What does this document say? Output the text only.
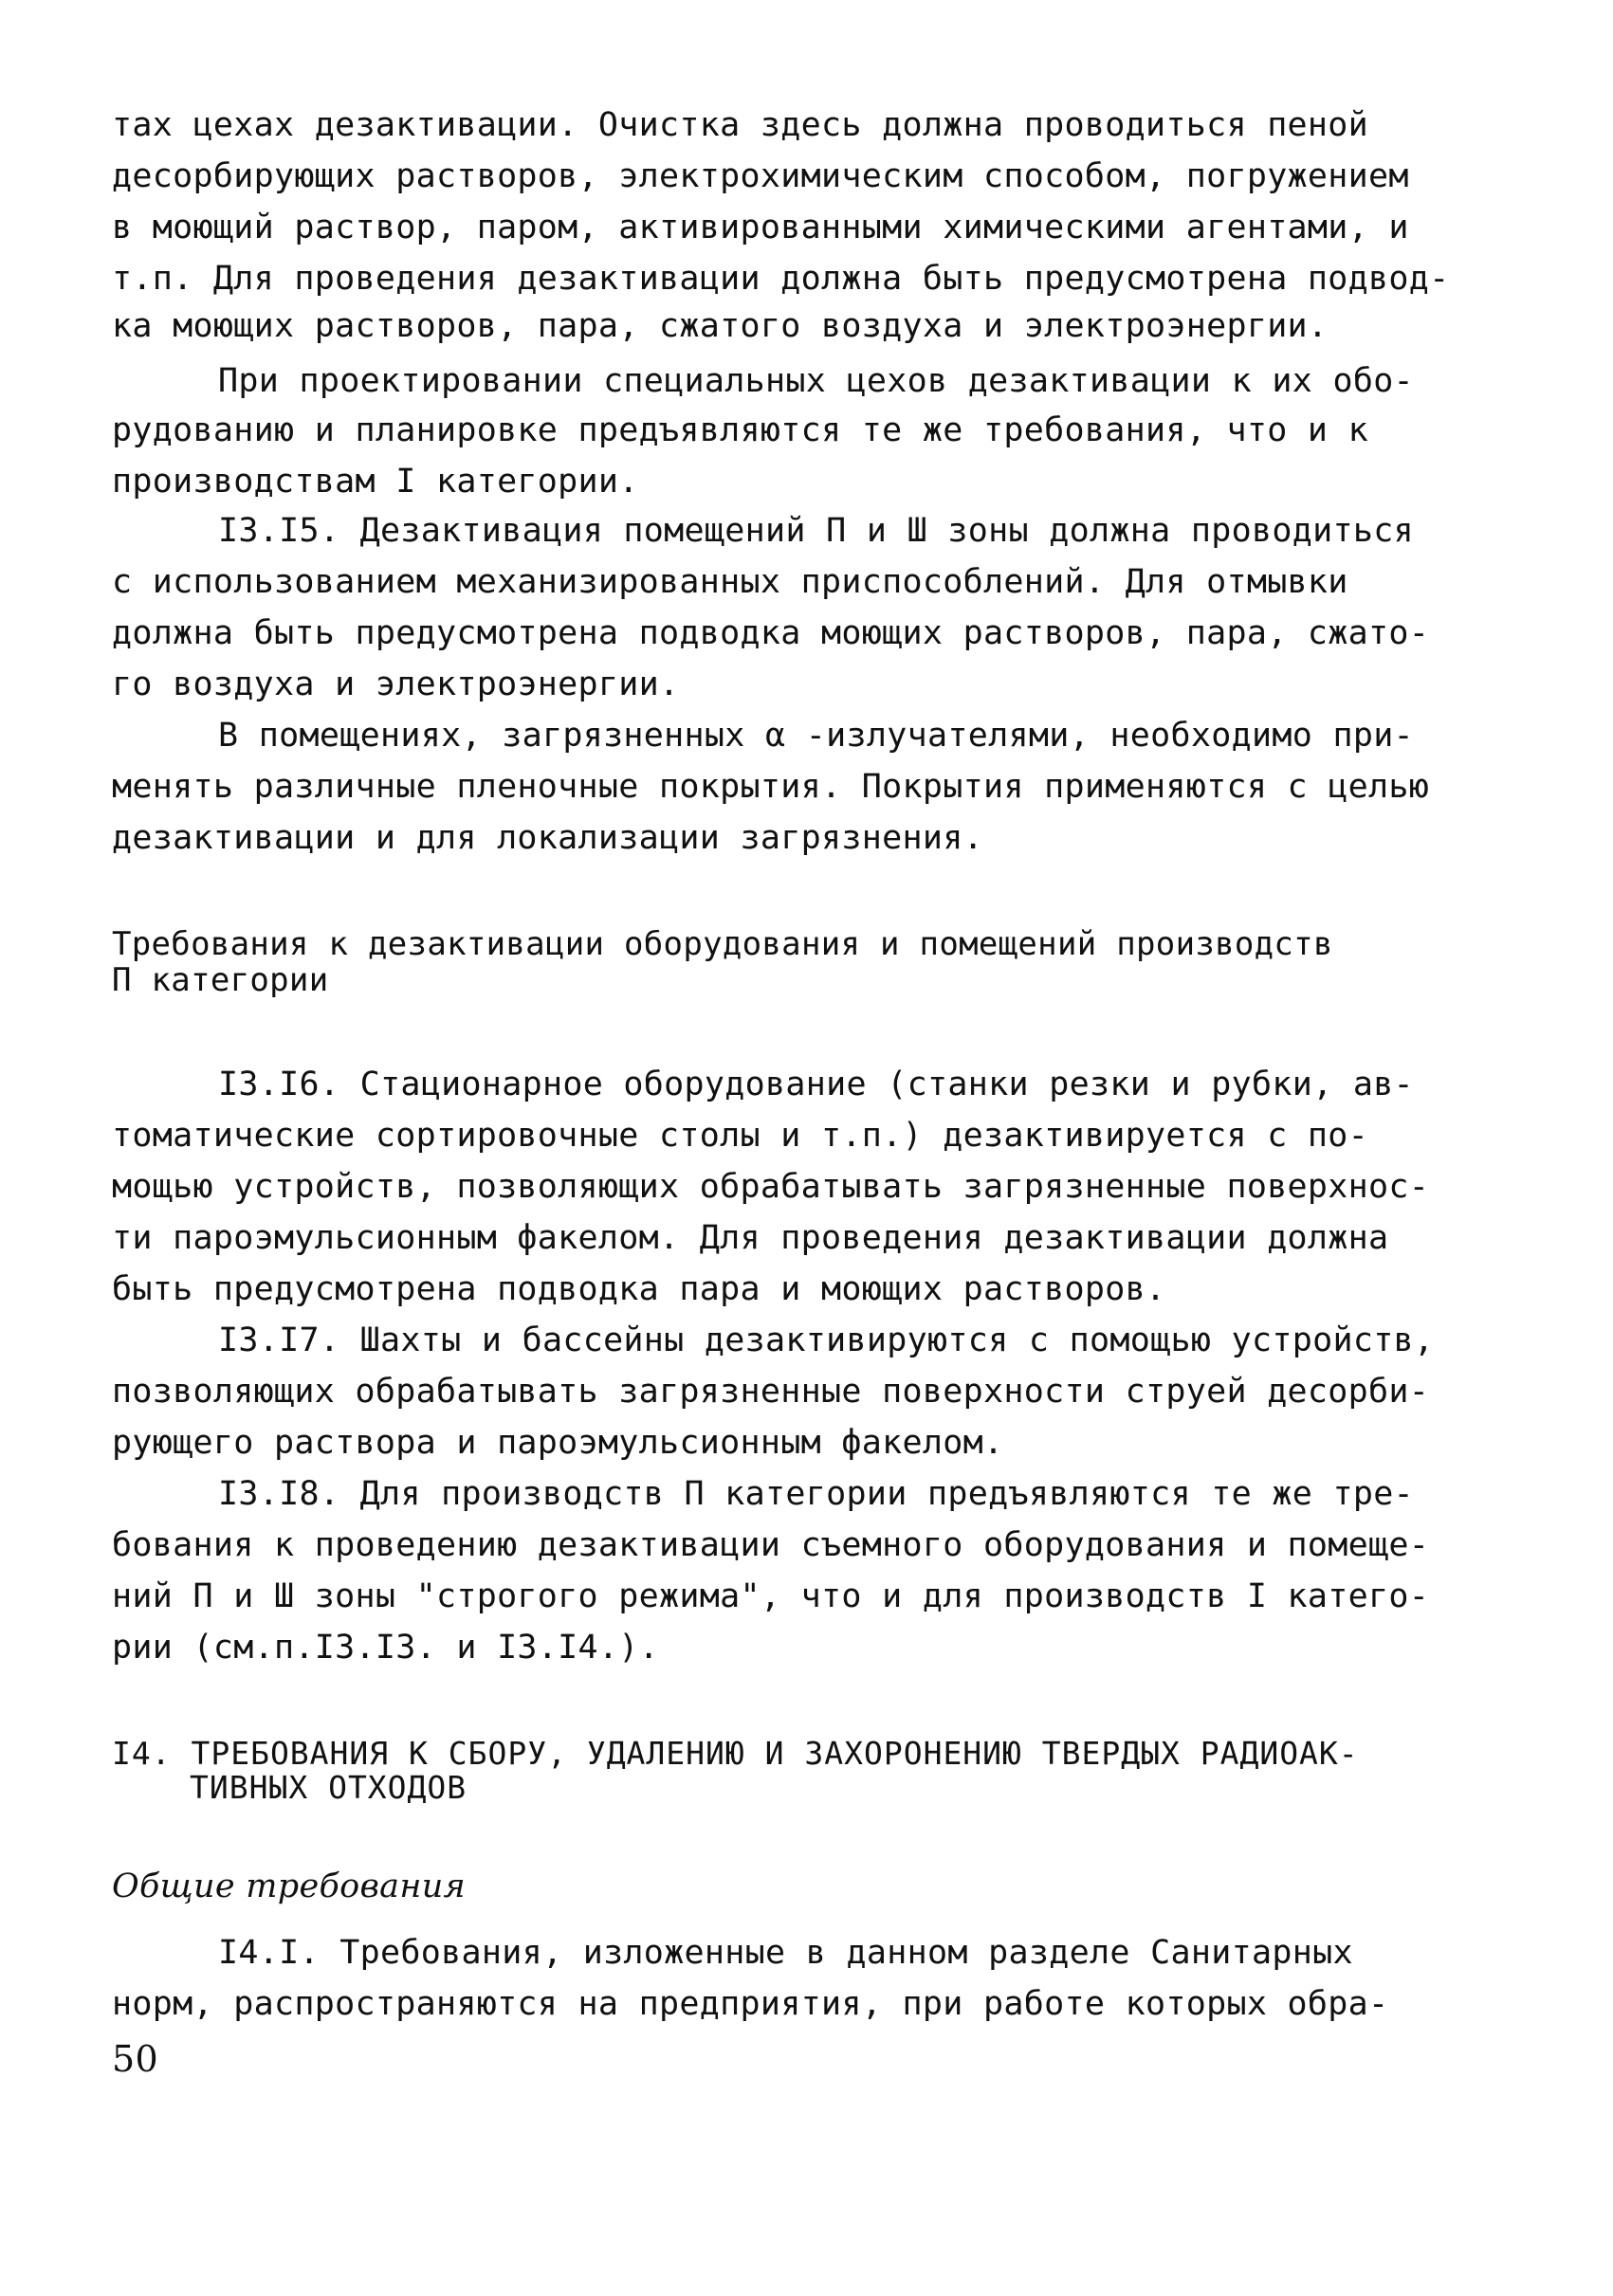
тах цехах дезактивации. Очистка здесь должна проводиться пеной
десорбирующих растворов, электрохимическим способом, погружением
в моющий раствор, паром, активированными химическими агентами, и
т.п. Для проведения дезактивации должна быть предусмотрена подвод-
ка моющих растворов, пара, сжатого воздуха и электроэнергии.
При проектировании специальных цехов дезактивации к их обо-
рудованию и планировке предъявляются те же требования, что и к
производствам I категории.
I3.I5. Дезактивация помещений П и Ш зоны должна проводиться
с использованием механизированных приспособлений. Для отмывки
должна быть предусмотрена подводка моющих растворов, пара, сжато-
го воздуха и электроэнергии.
В помещениях, загрязненных α -излучателями, необходимо при-
менять различные пленочные покрытия. Покрытия применяются с целью
дезактивации и для локализации загрязнения.
Требования к дезактивации оборудования и помещений производств
П категории
I3.I6. Стационарное оборудование (станки резки и рубки, ав-
томатические сортировочные столы и т.п.) дезактивируется с по-
мощью устройств, позволяющих обрабатывать загрязненные поверхнос-
ти пароэмульсионным факелом. Для проведения дезактивации должна
быть предусмотрена подводка пара и моющих растворов.
I3.I7. Шахты и бассейны дезактивируются с помощью устройств,
позволяющих обрабатывать загрязненные поверхности струей десорби-
рующего раствора и пароэмульсионным факелом.
I3.I8. Для производств П категории предъявляются те же тре-
бования к проведению дезактивации съемного оборудования и помеще-
ний П и Ш зоны "строгого режима", что и для производств I катего-
рии (см.п.I3.I3. и I3.I4.).
I4. ТРЕБОВАНИЯ К СБОРУ, УДАЛЕНИЮ И ЗАХОРОНЕНИЮ ТВЕРДЫХ РАДИОАК-
ТИВНЫХ ОТХОДОВ
Общие требования
I4.I. Требования, изложенные в данном разделе Санитарных
норм, распространяются на предприятия, при работе которых обра-
50
